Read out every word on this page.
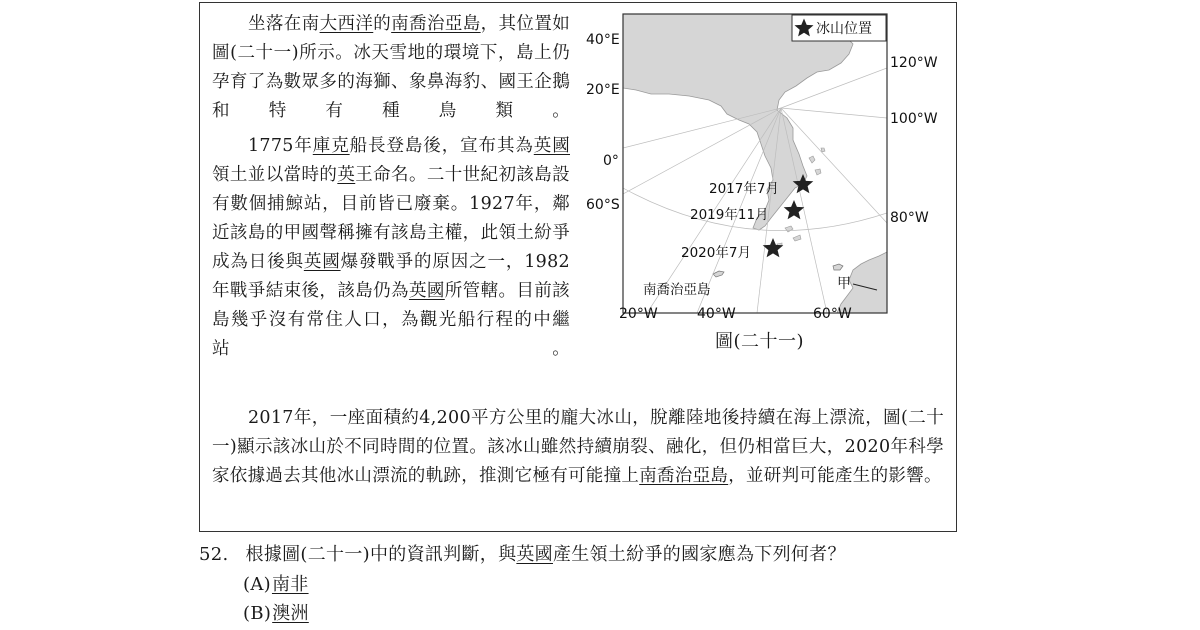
坐落在南大西洋的南喬治亞島，其位置如圖(二十一)所示。冰天雪地的環境下，島上仍孕育了為數眾多的海獅、象鼻海豹、國王企鵝和特有種鳥類。

1775年庫克船長登島後，宣布其為英國領土並以當時的英王命名。二十世紀初該島設有數個捕鯨站，目前皆已廢棄。1927年，鄰近該島的甲國聲稱擁有該島主權，此領土紛爭成為日後與英國爆發戰爭的原因之一，1982年戰爭結束後，該島仍為英國所管轄。目前該島幾乎沒有常住人口，為觀光船行程的中繼站。

2017年，一座面積約4,200平方公里的龐大冰山，脫離陸地後持續在海上漂流，圖(二十一)顯示該冰山於不同時間的位置。該冰山雖然持續崩裂、融化，但仍相當巨大，2020年科學家依據過去其他冰山漂流的軌跡，推測它極有可能撞上南喬治亞島，並研判可能產生的影響。

冰山位置
2017年7月
2019年11月
2020年7月
南喬治亞島	甲
40°E
20°E
0°
60°S
120°W
100°W
80°W
20°W	40°W	60°W
圖(二十一)
52. 根據圖(二十一)中的資訊判斷，與英國產生領土紛爭的國家應為下列何者？
(A)南非
(B)澳洲
